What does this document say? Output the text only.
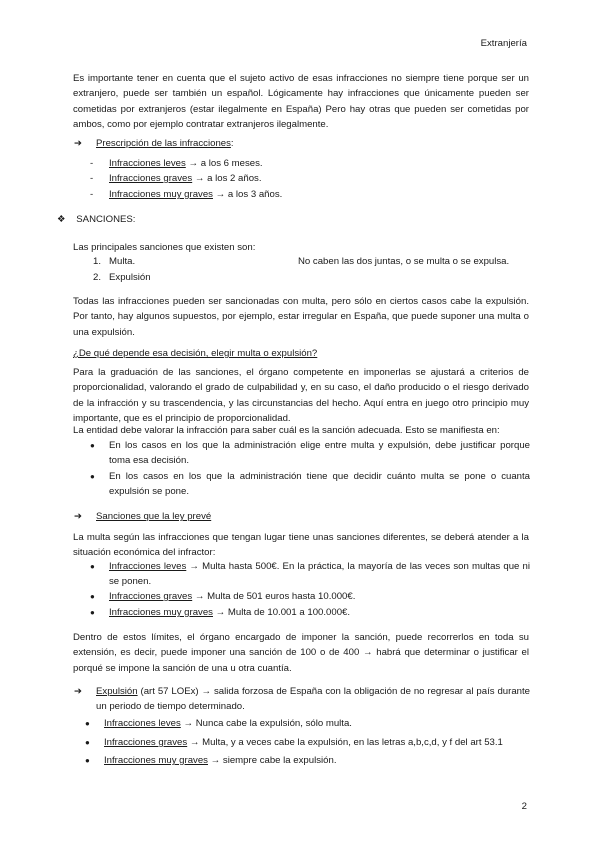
Extranjería
Es importante tener en cuenta que el sujeto activo de esas infracciones no siempre tiene porque ser un extranjero, puede ser también un español. Lógicamente hay infracciones que únicamente pueden ser cometidas por extranjeros (estar ilegalmente en España) Pero hay otras que pueden ser cometidas por ambos, como por ejemplo contratar extranjeros ilegalmente.
➔	Prescripción de las infracciones:
-	Infracciones leves → a los 6 meses.
-	Infracciones graves → a los 2 años.
-	Infracciones muy graves → a los 3 años.
❖ SANCIONES:
Las principales sanciones que existen son:
1. Multa.	No caben las dos juntas, o se multa o se expulsa.
2. Expulsión
Todas las infracciones pueden ser sancionadas con multa, pero sólo en ciertos casos cabe la expulsión. Por tanto, hay algunos supuestos, por ejemplo, estar irregular en España, que puede suponer una multa o una expulsión.
¿De qué depende esa decisión, elegir multa o expulsión?
Para la graduación de las sanciones, el órgano competente en imponerlas se ajustará a criterios de proporcionalidad, valorando el grado de culpabilidad y, en su caso, el daño producido o el riesgo derivado de la infracción y su trascendencia, y las circunstancias del hecho. Aquí entra en juego otro principio muy importante, que es el principio de proporcionalidad.
La entidad debe valorar la infracción para saber cuál es la sanción adecuada. Esto se manifiesta en:
●	En los casos en los que la administración elige entre multa y expulsión, debe justificar porque toma esa decisión.
●	En los casos en los que la administración tiene que decidir cuánto multa se pone o cuanta expulsión se pone.
➔	Sanciones que la ley prevé
La multa según las infracciones que tengan lugar tiene unas sanciones diferentes, se deberá atender a la situación económica del infractor:
●	Infracciones leves → Multa hasta 500€. En la práctica, la mayoría de las veces son multas que ni se ponen.
●	Infracciones graves → Multa de 501 euros hasta 10.000€.
●	Infracciones muy graves → Multa de 10.001 a 100.000€.
Dentro de estos límites, el órgano encargado de imponer la sanción, puede recorrerlos en toda su extensión, es decir, puede imponer una sanción de 100 o de 400 → habrá que determinar o justificar el porqué se impone la sanción de una u otra cuantía.
➔	Expulsión (art 57 LOEx) → salida forzosa de España con la obligación de no regresar al país durante un periodo de tiempo determinado.
●	Infracciones leves → Nunca cabe la expulsión, sólo multa.
●	Infracciones graves → Multa, y a veces cabe la expulsión, en las letras a,b,c,d, y f del art 53.1
●	Infracciones muy graves → siempre cabe la expulsión.
2
